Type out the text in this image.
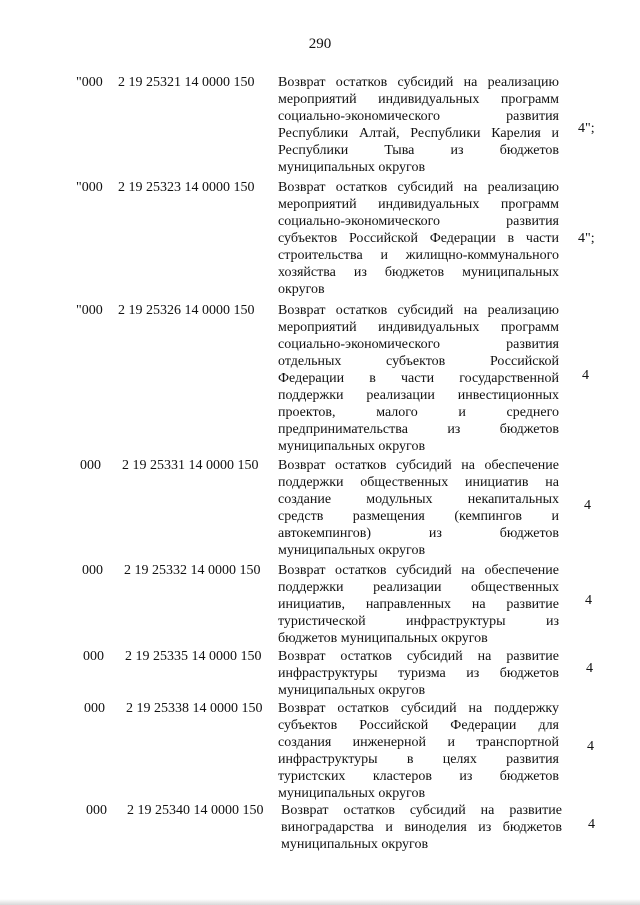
290
"000 2 19 25321 14 0000 150 Возврат остатков субсидий на реализацию
мероприятий индивидуальных программ
социально-экономического развития
Республики Алтай, Республики Карелия и
Республики Тыва из бюджетов
муниципальных округов
4";
"000 2 19 25323 14 0000 150 Возврат остатков субсидий на реализацию
мероприятий индивидуальных программ
социально-экономического развития
субъектов Российской Федерации в части
строительства и жилищно-коммунального
хозяйства из бюджетов муниципальных
округов
4";
"000 2 19 25326 14 0000 150 Возврат остатков субсидий на реализацию
мероприятий индивидуальных программ
социально-экономического развития
отдельных субъектов Российской
Федерации в части государственной
поддержки реализации инвестиционных
проектов, малого и среднего
предпринимательства из бюджетов
муниципальных округов
4
000 2 19 25331 14 0000 150 Возврат остатков субсидий на обеспечение
поддержки общественных инициатив на
создание модульных некапитальных
средств размещения (кемпингов и
автокемпингов) из бюджетов
муниципальных округов
4
000 2 19 25332 14 0000 150 Возврат остатков субсидий на обеспечение
поддержки реализации общественных
инициатив, направленных на развитие
туристической инфраструктуры из
бюджетов муниципальных округов
4
000 2 19 25335 14 0000 150 Возврат остатков субсидий на развитие
инфраструктуры туризма из бюджетов
муниципальных округов
4
000 2 19 25338 14 0000 150 Возврат остатков субсидий на поддержку
субъектов Российской Федерации для
создания инженерной и транспортной
инфраструктуры в целях развития
туристских кластеров из бюджетов
муниципальных округов
4
000 2 19 25340 14 0000 150 Возврат остатков субсидий на развитие
виноградарства и виноделия из бюджетов
муниципальных округов
4
